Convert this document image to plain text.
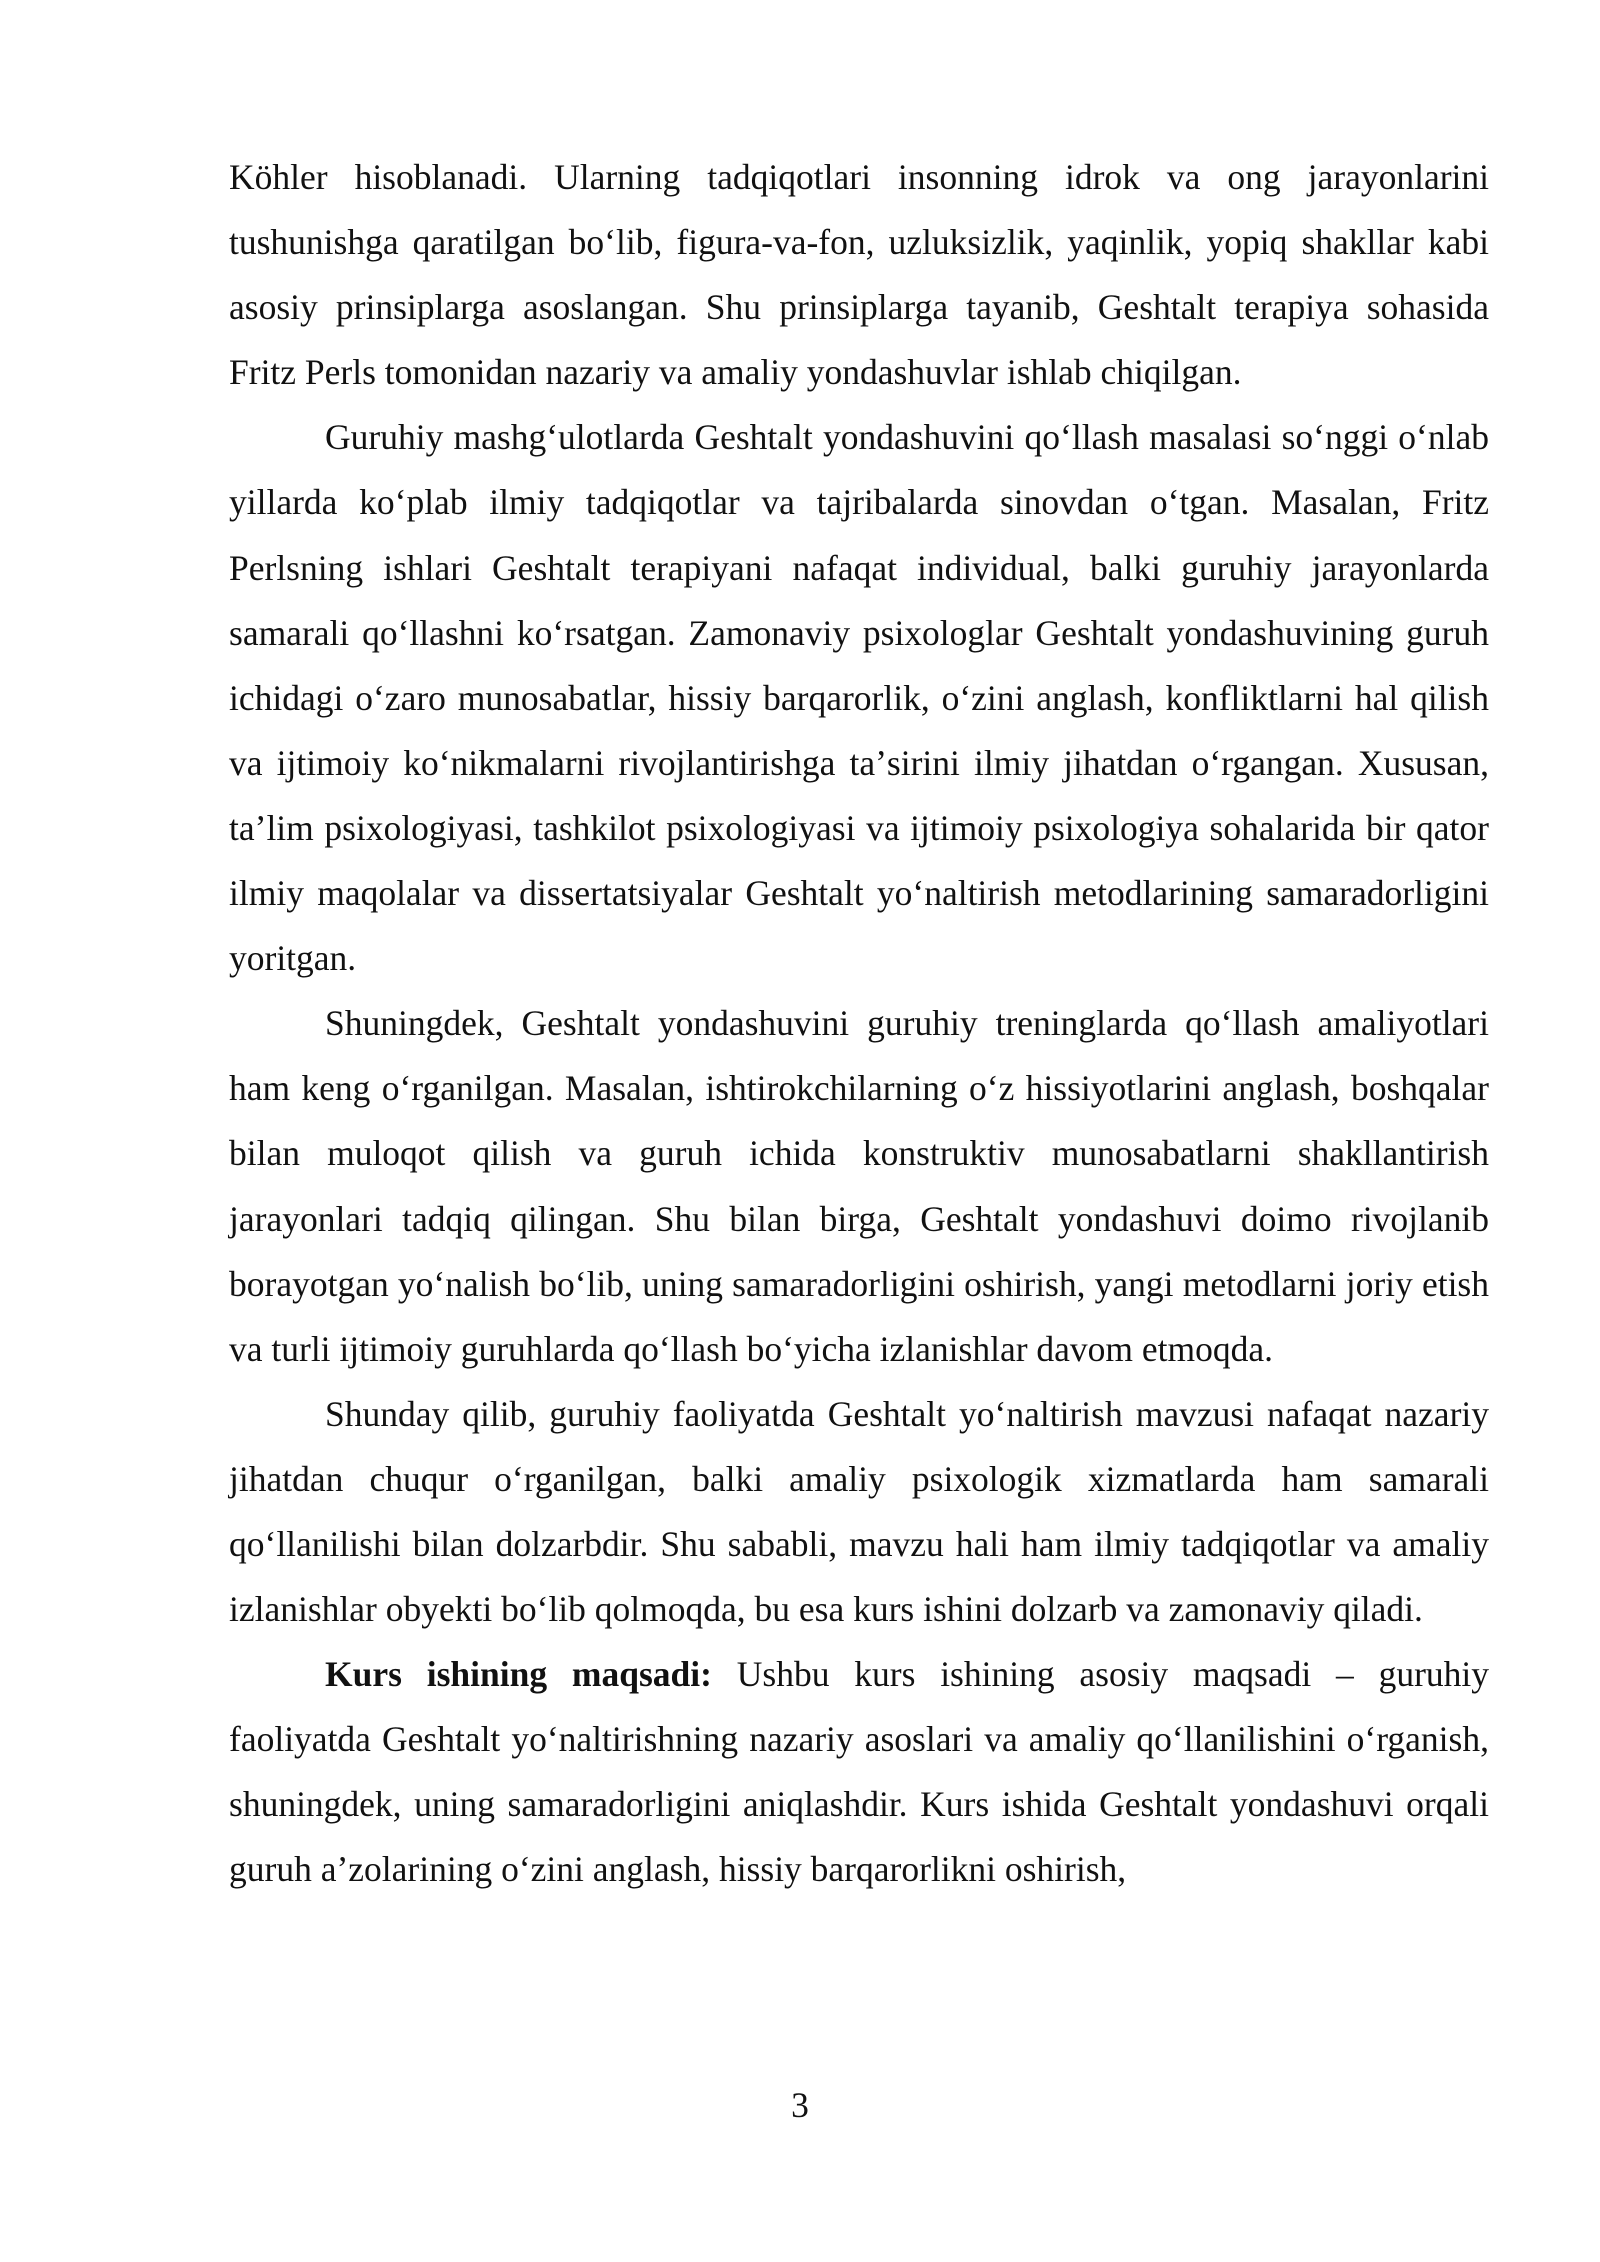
Köhler hisoblanadi. Ularning tadqiqotlari insonning idrok va ong jarayonlarini tushunishga qaratilgan boʻlib, figura-va-fon, uzluksizlik, yaqinlik, yopiq shakllar kabi asosiy prinsiplarga asoslangan. Shu prinsiplarga tayanib, Geshtalt terapiya sohasida Fritz Perls tomonidan nazariy va amaliy yondashuvlar ishlab chiqilgan.

Guruhiy mashgʻulotlarda Geshtalt yondashuvini qoʻllash masalasi soʻnggi oʻnlab yillarda koʻplab ilmiy tadqiqotlar va tajribalarda sinovdan oʻtgan. Masalan, Fritz Perlsning ishlari Geshtalt terapiyani nafaqat individual, balki guruhiy jarayonlarda samarali qoʻllashni koʻrsatgan. Zamonaviy psixologlar Geshtalt yondashuvining guruh ichidagi oʻzaro munosabatlar, hissiy barqarorlik, oʻzini anglash, konfliktlarni hal qilish va ijtimoiy koʻnikmalarni rivojlantirishga taʼsirini ilmiy jihatdan oʻrgangan. Xususan, taʼlim psixologiyasi, tashkilot psixologiyasi va ijtimoiy psixologiya sohalarida bir qator ilmiy maqolalar va dissertatsiyalar Geshtalt yoʻnaltirish metodlarining samaradorligini yoritgan.

Shuningdek, Geshtalt yondashuvini guruhiy treninglarda qoʻllash amaliyotlari ham keng oʻrganilgan. Masalan, ishtirokchilarning oʻz hissiyotlarini anglash, boshqalar bilan muloqot qilish va guruh ichida konstruktiv munosabatlarni shakllantirish jarayonlari tadqiq qilingan. Shu bilan birga, Geshtalt yondashuvi doimo rivojlanib borayotgan yoʻnalish boʻlib, uning samaradorligini oshirish, yangi metodlarni joriy etish va turli ijtimoiy guruhlarda qoʻllash boʻyicha izlanishlar davom etmoqda.

Shunday qilib, guruhiy faoliyatda Geshtalt yoʻnaltirish mavzusi nafaqat nazariy jihatdan chuqur oʻrganilgan, balki amaliy psixologik xizmatlarda ham samarali qoʻllanilishi bilan dolzarbdir. Shu sababli, mavzu hali ham ilmiy tadqiqotlar va amaliy izlanishlar obyekti boʻlib qolmoqda, bu esa kurs ishini dolzarb va zamonaviy qiladi.

Kurs ishining maqsadi: Ushbu kurs ishining asosiy maqsadi – guruhiy faoliyatda Geshtalt yoʻnaltirishning nazariy asoslari va amaliy qoʻllanilishini oʻrganish, shuningdek, uning samaradorligini aniqlashdir. Kurs ishida Geshtalt yondashuvi orqali guruh aʼzolarining oʻzini anglash, hissiy barqarorlikni oshirish,

3
